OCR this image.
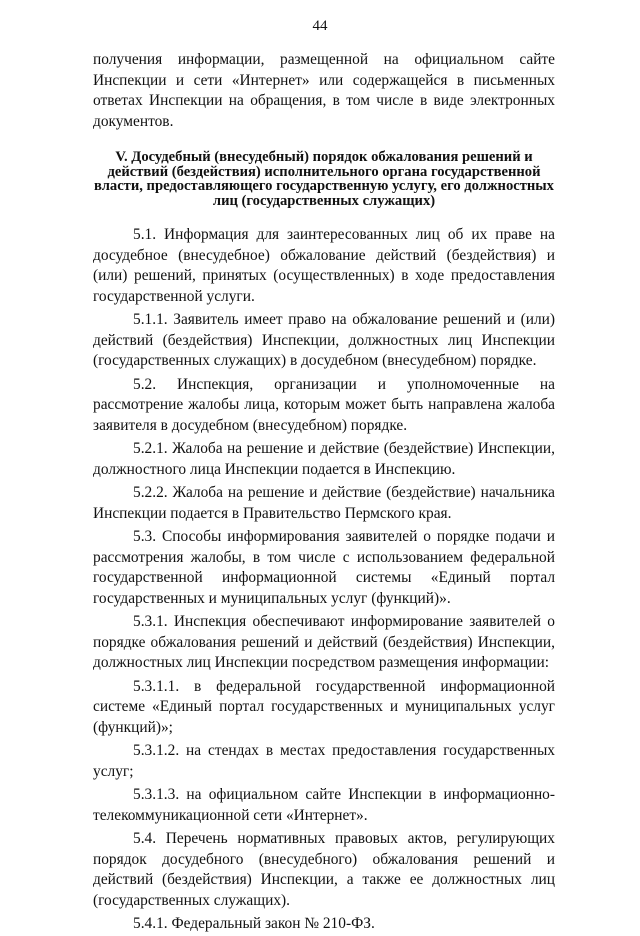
44

получения информации, размещенной на официальном сайте Инспекции и сети «Интернет» или содержащейся в письменных ответах Инспекции на обращения, в том числе в виде электронных документов.

V. Досудебный (внесудебный) порядок обжалования решений и действий (бездействия) исполнительного органа государственной власти, предоставляющего государственную услугу, его должностных лиц (государственных служащих)

5.1. Информация для заинтересованных лиц об их праве на досудебное (внесудебное) обжалование действий (бездействия) и (или) решений, принятых (осуществленных) в ходе предоставления государственной услуги.

5.1.1. Заявитель имеет право на обжалование решений и (или) действий (бездействия) Инспекции, должностных лиц Инспекции (государственных служащих) в досудебном (внесудебном) порядке.

5.2. Инспекция, организации и уполномоченные на рассмотрение жалобы лица, которым может быть направлена жалоба заявителя в досудебном (внесудебном) порядке.

5.2.1. Жалоба на решение и действие (бездействие) Инспекции, должностного лица Инспекции подается в Инспекцию.

5.2.2. Жалоба на решение и действие (бездействие) начальника Инспекции подается в Правительство Пермского края.

5.3. Способы информирования заявителей о порядке подачи и рассмотрения жалобы, в том числе с использованием федеральной государственной информационной системы «Единый портал государственных и муниципальных услуг (функций)».

5.3.1. Инспекция обеспечивают информирование заявителей о порядке обжалования решений и действий (бездействия) Инспекции, должностных лиц Инспекции посредством размещения информации:

5.3.1.1. в федеральной государственной информационной системе «Единый портал государственных и муниципальных услуг (функций)»;

5.3.1.2. на стендах в местах предоставления государственных услуг;

5.3.1.3. на официальном сайте Инспекции в информационно-телекоммуникационной сети «Интернет».

5.4. Перечень нормативных правовых актов, регулирующих порядок досудебного (внесудебного) обжалования решений и действий (бездействия) Инспекции, а также ее должностных лиц (государственных служащих).

5.4.1. Федеральный закон № 210-ФЗ.
